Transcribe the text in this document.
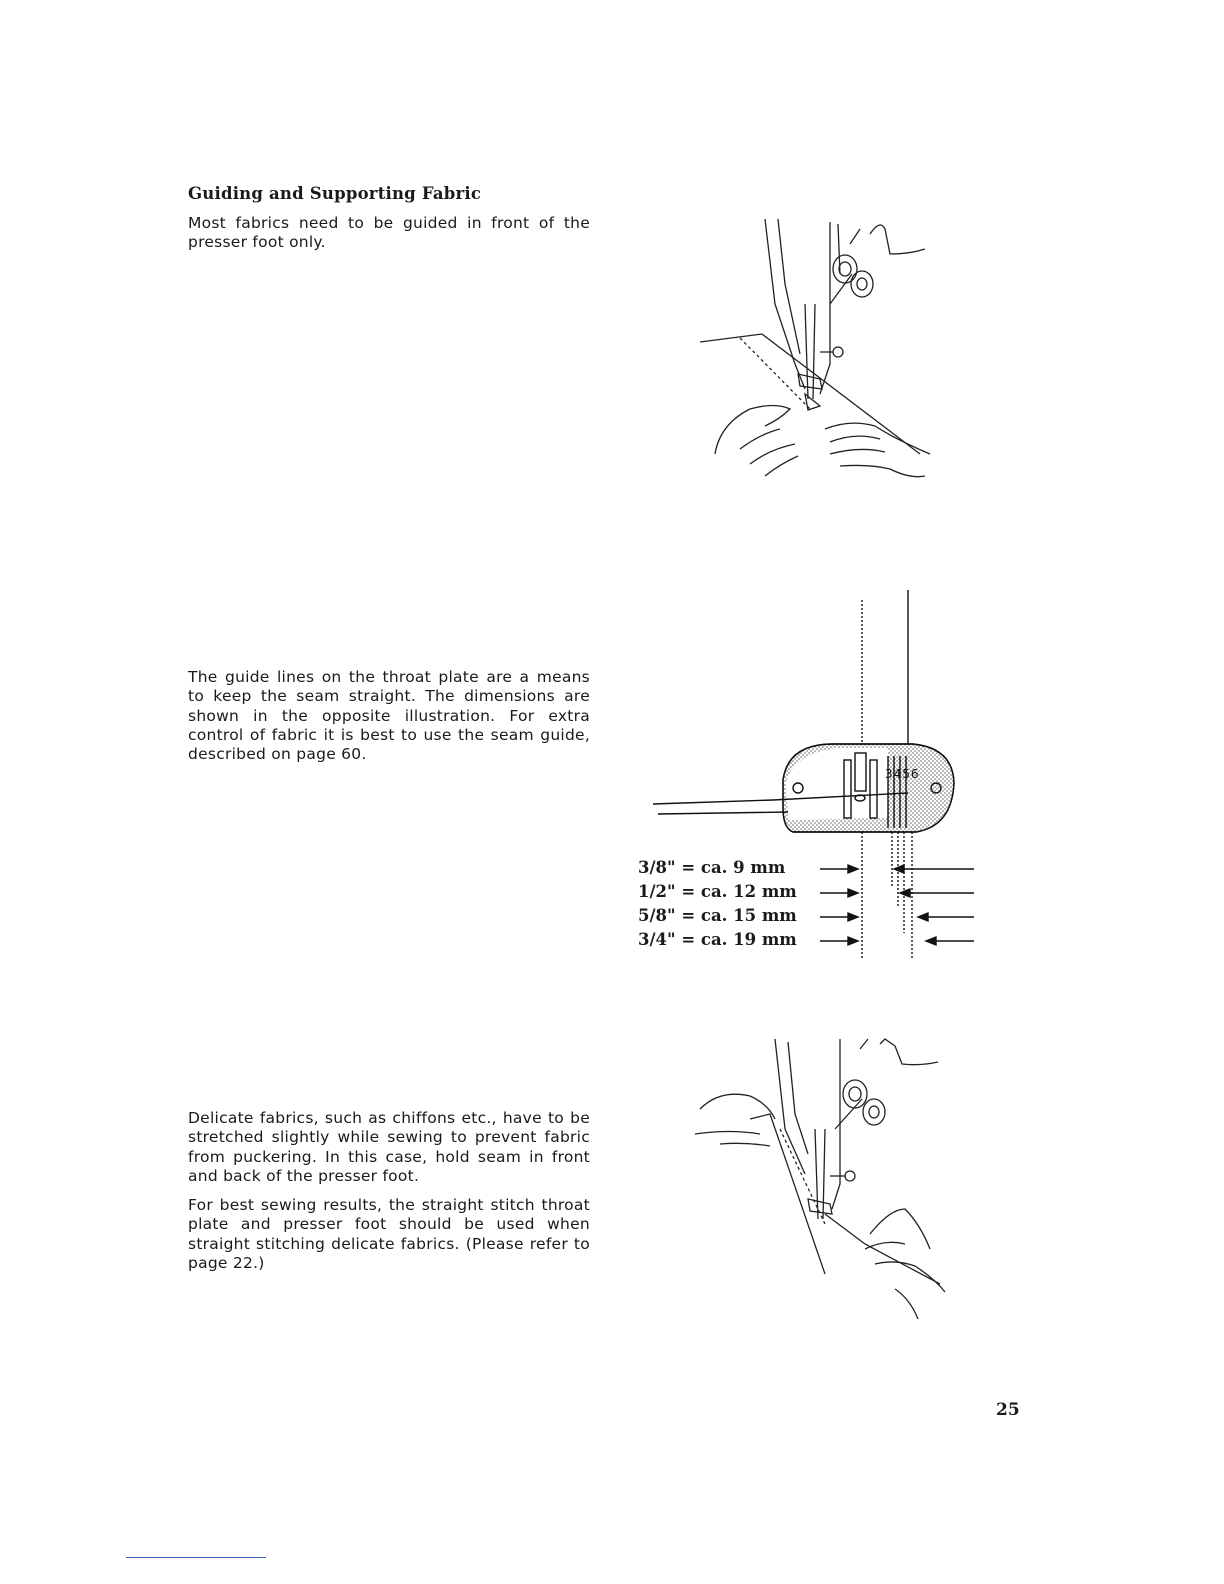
Guiding and Supporting Fabric

Most fabrics need to be guided in front of the presser foot only.

The guide lines on the throat plate are a means to keep the seam straight. The dimensions are shown in the opposite illustration. For extra control of fabric it is best to use the seam guide, described on page 60.

Delicate fabrics, such as chiffons etc., have to be stretched slightly while sewing to prevent fabric from puckering. In this case, hold seam in front and back of the presser foot.

For best sewing results, the straight stitch throat plate and presser foot should be used when straight stitching delicate fabrics. (Please refer to page 22.)

3456
3/8" = ca. 9 mm
1/2" = ca. 12 mm
5/8" = ca. 15 mm
3/4" = ca. 19 mm
25
